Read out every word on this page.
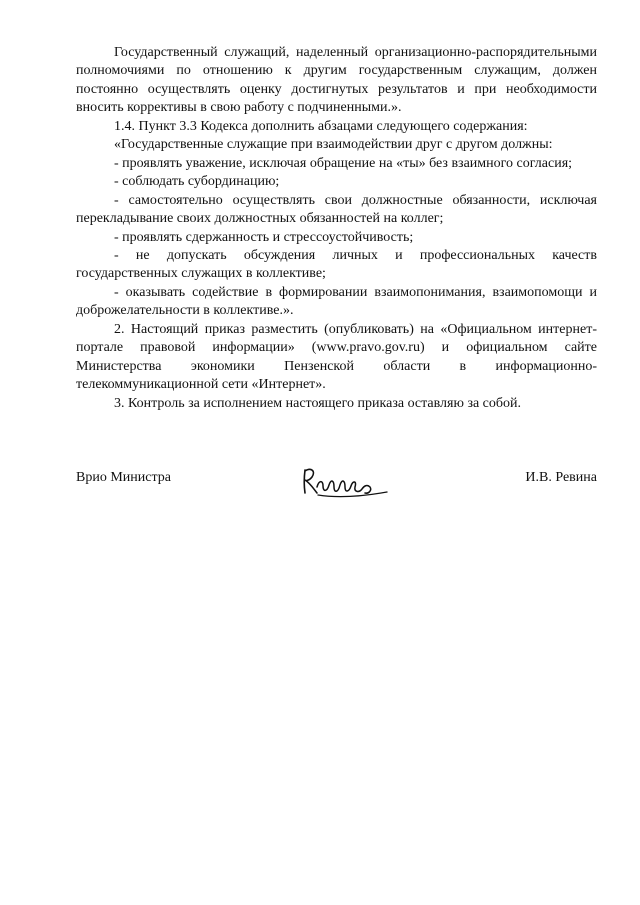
Государственный служащий, наделенный организационно-распорядительными полномочиями по отношению к другим государственным служащим, должен постоянно осуществлять оценку достигнутых результатов и при необходимости вносить коррективы в свою работу с подчиненными.».

1.4. Пункт 3.3 Кодекса дополнить абзацами следующего содержания:

«Государственные служащие при взаимодействии друг с другом должны:

- проявлять уважение, исключая обращение на «ты» без взаимного согласия;

- соблюдать субординацию;

- самостоятельно осуществлять свои должностные обязанности, исключая перекладывание своих должностных обязанностей на коллег;

- проявлять сдержанность и стрессоустойчивость;

- не допускать обсуждения личных и профессиональных качеств государственных служащих в коллективе;

- оказывать содействие в формировании взаимопонимания, взаимопомощи и доброжелательности в коллективе.».

2. Настоящий приказ разместить (опубликовать) на «Официальном интернет-портале правовой информации» (www.pravo.gov.ru) и официальном сайте Министерства экономики Пензенской области в информационно-телекоммуникационной сети «Интернет».

3. Контроль за исполнением настоящего приказа оставляю за собой.

Врио Министра	И.В. Ревина
